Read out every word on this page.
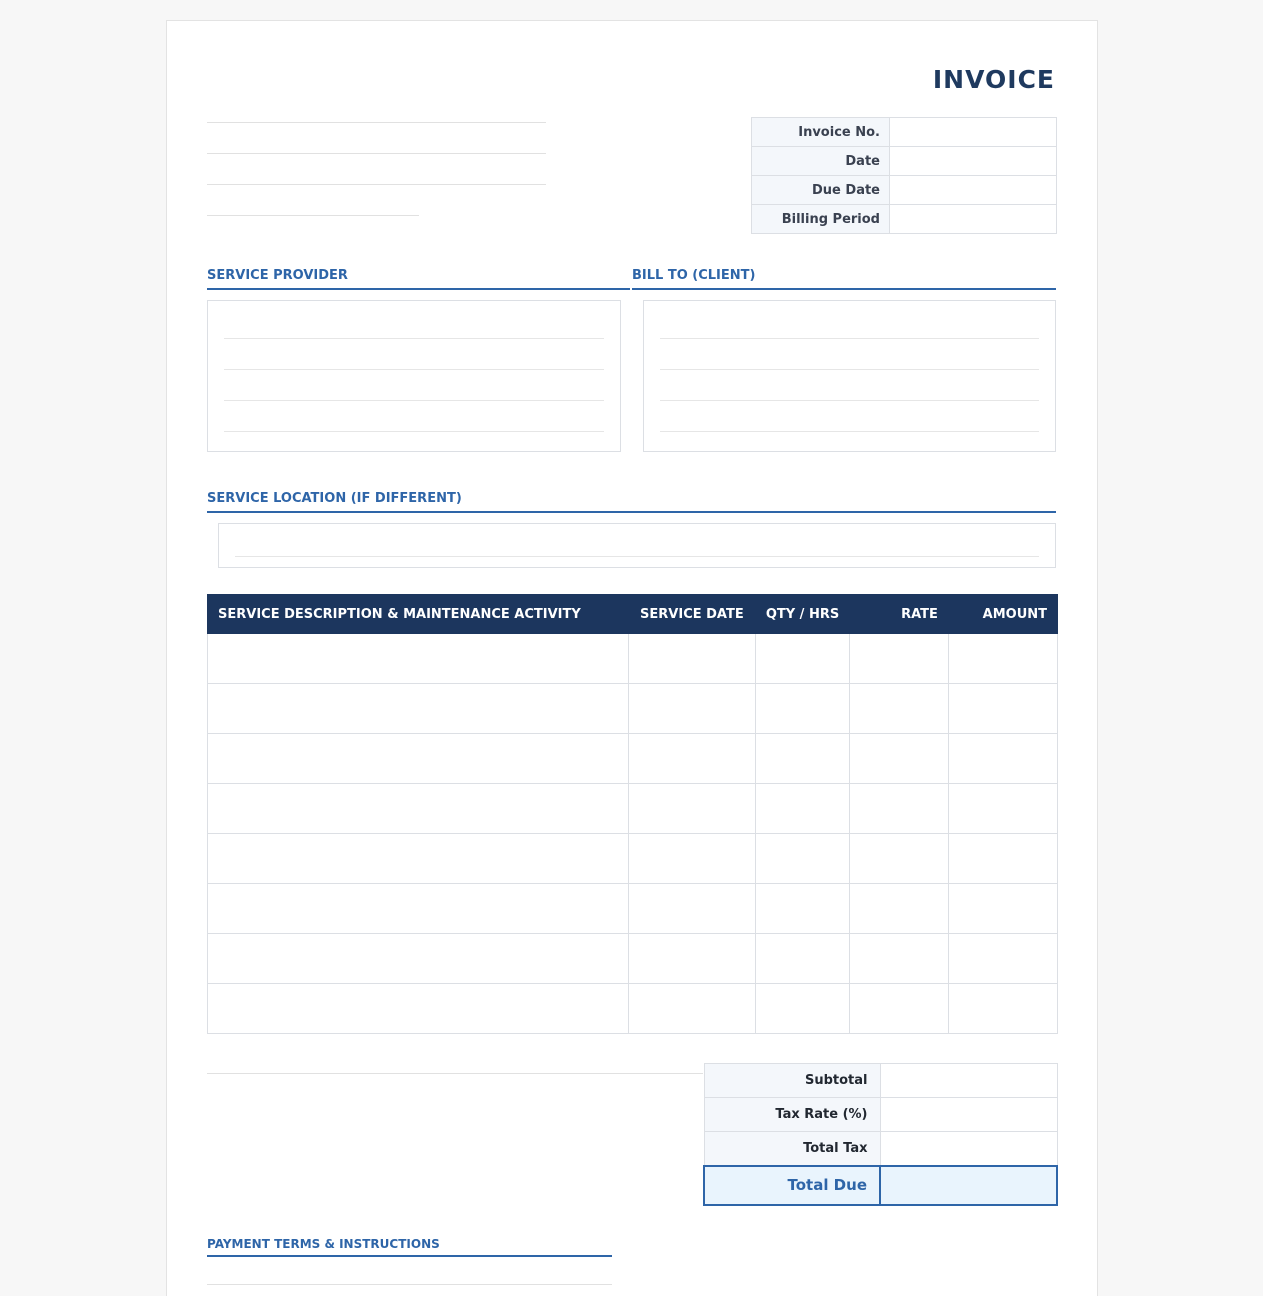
INVOICE
Invoice No.	
Date	
Due Date	
Billing Period	
SERVICE PROVIDER	BILL TO (CLIENT)
SERVICE LOCATION (IF DIFFERENT)
SERVICE DESCRIPTION & MAINTENANCE ACTIVITY	SERVICE DATE	QTY / HRS	RATE	AMOUNT

Subtotal	
Tax Rate (%)	
Total Tax	
Total Due	
PAYMENT TERMS & INSTRUCTIONS
